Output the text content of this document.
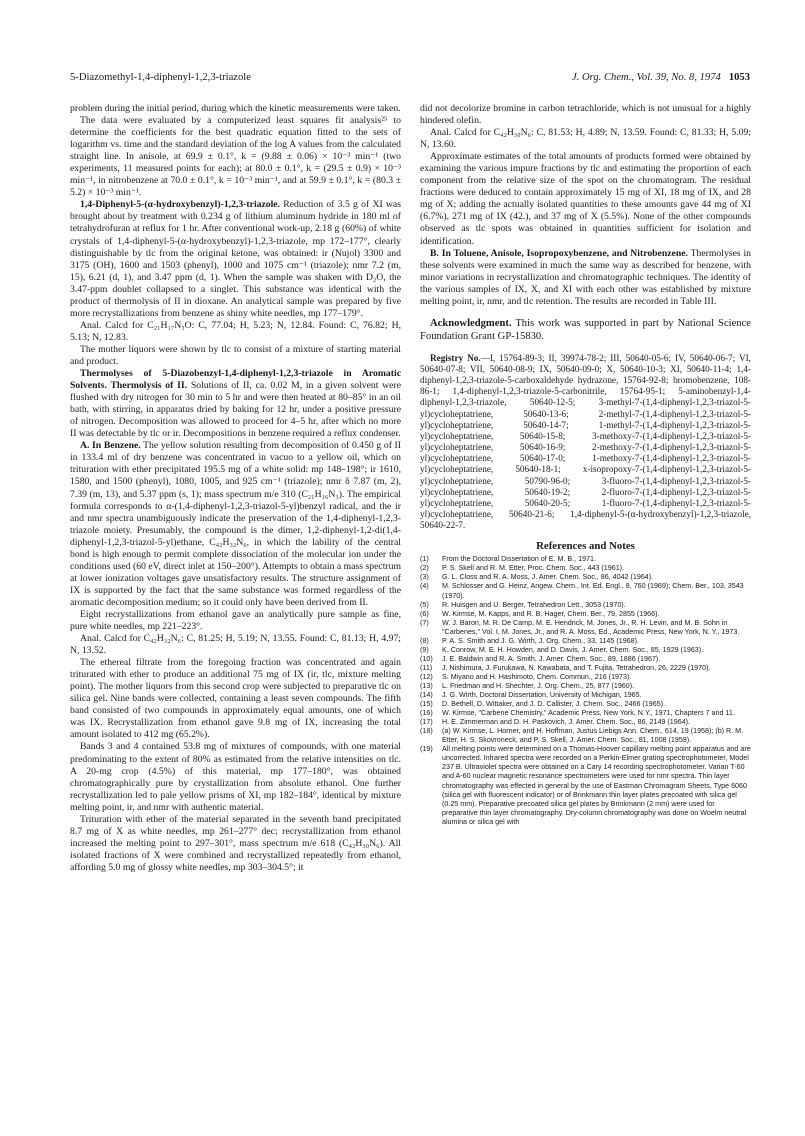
5-Diazomethyl-1,4-diphenyl-1,2,3-triazole	J. Org. Chem., Vol. 39, No. 8, 1974 1053

problem during the initial period, during which the kinetic measurements were taken.

The data were evaluated by a computerized least squares fit analysis²⁵ to determine the coefficients for the best quadratic equation fitted to the sets of logarithm vs. time and the standard deviation of the log A values from the calculated straight line. In anisole, at 69.9 ± 0.1°, k = (9.88 ± 0.06) × 10⁻³ min⁻¹ (two experiments, 11 measured points for each); at 80.0 ± 0.1°, k = (29.5 ± 0.9) × 10⁻³ min⁻¹, in nitrobenzene at 70.0 ± 0.1°, k = 10⁻³ min⁻¹, and at 59.9 ± 0.1°, k = (80.3 ± 5.2) × 10⁻³ min⁻¹.

1,4-Diphenyl-5-(α-hydroxybenzyl)-1,2,3-triazole. Reduction of 3.5 g of XI was brought about by treatment with 0.234 g of lithium aluminum hydride in 180 ml of tetrahydrofuran at reflux for 1 hr. After conventional work-up, 2.18 g (60%) of white crystals of 1,4-diphenyl-5-(α-hydroxybenzyl)-1,2,3-triazole, mp 172–177°, clearly distinguishable by tlc from the original ketone, was obtained: ir (Nujol) 3300 and 3175 (OH), 1600 and 1503 (phenyl), 1000 and 1075 cm⁻¹ (triazole); nmr 7.2 (m, 15), 6.21 (d, 1), and 3.47 ppm (d, 1). When the sample was shaken with D₂O, the 3.47-ppm doublet collapsed to a singlet. This substance was identical with the product of thermolysis of II in dioxane. An analytical sample was prepared by five more recrystallizations from benzene as shiny white needles, mp 177–179°.

Anal. Calcd for C₂₁H₁₇N₃O: C, 77.04; H, 5.23; N, 12.84. Found: C, 76.82; H, 5.13; N, 12.83.

The mother liquors were shown by tlc to consist of a mixture of starting material and product.

Thermolyses of 5-Diazobenzyl-1,4-diphenyl-1,2,3-triazole in Aromatic Solvents. Thermolysis of II. Solutions of II, ca. 0.02 M, in a given solvent were flushed with dry nitrogen for 30 min to 5 hr and were then heated at 80–85° in an oil bath, with stirring, in apparatus dried by baking for 12 hr, under a positive pressure of nitrogen. Decomposition was allowed to proceed for 4–5 hr, after which no more II was detectable by tlc or ir. Decompositions in benzene required a reflux condenser.

A. In Benzene. The yellow solution resulting from decomposition of 0.450 g of II in 133.4 ml of dry benzene was concentrated in vacuo to a yellow oil, which on trituration with ether precipitated 195.5 mg of a white solid: mp 148–198°; ir 1610, 1580, and 1500 (phenyl), 1080, 1005, and 925 cm⁻¹ (triazole); nmr δ 7.87 (m, 2), 7.39 (m, 13), and 5.37 ppm (s, 1); mass spectrum m/e 310 (C₂₁H₁₆N₃). The empirical formula corresponds to α-(1,4-diphenyl-1,2,3-triazol-5-yl)benzyl radical, and the ir and nmr spectra unambiguously indicate the preservation of the 1,4-diphenyl-1,2,3-triazole moiety. Presumably, the compound is the dimer, 1,2-diphenyl-1,2-di(1,4-diphenyl-1,2,3-triazol-5-yl)ethane, C₄₂H₃₂N₆, in which the lability of the central bond is high enough to permit complete dissociation of the molecular ion under the conditions used (60 eV, direct inlet at 150–200°). Attempts to obtain a mass spectrum at lower ionization voltages gave unsatisfactory results. The structure assignment of IX is supported by the fact that the same substance was formed regardless of the aromatic decomposition medium; so it could only have been derived from II.

Eight recrystallizations from ethanol gave an analytically pure sample as fine, pure white needles, mp 221–223°.

Anal. Calcd for C₄₂H₃₂N₆: C, 81.25; H, 5.19; N, 13.55. Found: C, 81.13; H, 4.97; N, 13.52.

The ethereal filtrate from the foregoing fraction was concentrated and again triturated with ether to produce an additional 75 mg of IX (ir, tlc, mixture melting point). The mother liquors from this second crop were subjected to preparative tlc on silica gel. Nine bands were collected, containing a least seven compounds. The fifth band consisted of two compounds in approximately equal amounts, one of which was IX. Recrystallization from ethanol gave 9.8 mg of IX, increasing the total amount isolated to 412 mg (65.2%).

Bands 3 and 4 contained 53.8 mg of mixtures of compounds, with one material predominating to the extent of 80% as estimated from the relative intensities on tlc. A 20-mg crop (4.5%) of this material, mp 177–180°, was obtained chromatographically pure by crystallization from absolute ethanol. One further recrystallization led to pale yellow prisms of XI, mp 182–184°, identical by mixture melting point, ir, and nmr with authentic material.

Trituration with ether of the material separated in the seventh band precipitated 8.7 mg of X as white needles, mp 261–277° dec; recrystallization from ethanol increased the melting point to 297–301°, mass spectrum m/e 618 (C₄₂H₃₀N₆). All isolated fractions of X were combined and recrystallized repeatedly from ethanol, affording 5.0 mg of glossy white needles, mp 303–304.5°; it

did not decolorize bromine in carbon tetrachloride, which is not unusual for a highly hindered olefin.

Anal. Calcd for C₄₂H₃₀N₆: C, 81.53; H, 4.89; N, 13.59. Found: C, 81.33; H, 5.09; N, 13.60.

Approximate estimates of the total amounts of products formed were obtained by examining the various impure fractions by tlc and estimating the proportion of each component from the relative size of the spot on the chromatogram. The residual fractions were deduced to contain approximately 15 mg of XI, 18 mg of IX, and 28 mg of X; adding the actually isolated quantities to these amounts gave 44 mg of XI (6.7%), 271 mg of IX (42.), and 37 mg of X (5.5%). None of the other compounds observed as tlc spots was obtained in quantities sufficient for isolation and identification.

B. In Toluene, Anisole, Isopropoxybenzene, and Nitrobenzene. Thermolyses in these solvents were examined in much the same way as described for benzene, with minor variations in recrystallization and chromatographic techniques. The identity of the various samples of IX, X, and XI with each other was established by mixture melting point, ir, nmr, and tlc retention. The results are recorded in Table III.

Acknowledgment. This work was supported in part by National Science Foundation Grant GP-15830.

Registry No.—I, 15764-89-3; II, 39974-78-2; III, 50640-05-6; IV, 50640-06-7; VI, 50640-07-8; VII, 50640-08-9; IX, 50640-09-0; X, 50640-10-3; XI, 50640-11-4; 1,4-diphenyl-1,2,3-triazole-5-carboxaldehyde hydrazone, 15764-92-8; bromobenzene, 108-86-1; 1,4-diphenyl-1,2,3-triazole-5-carbonitrile, 15764-95-1; 5-aminobenzyl-1,4-diphenyl-1,2,3-triazole, 50640-12-5; 3-methyl-7-(1,4-diphenyl-1,2,3-triazol-5-yl)cycloheptatriene, 50640-13-6; 2-methyl-7-(1,4-diphenyl-1,2,3-triazol-5-yl)cycloheptatriene, 50640-14-7; 1-methyl-7-(1,4-diphenyl-1,2,3-triazol-5-yl)cycloheptatriene, 50640-15-8; 3-methoxy-7-(1,4-diphenyl-1,2,3-triazol-5-yl)cycloheptatriene, 50640-16-9; 2-methoxy-7-(1,4-diphenyl-1,2,3-triazol-5-yl)cycloheptatriene, 50640-17-0; 1-methoxy-7-(1,4-diphenyl-1,2,3-triazol-5-yl)cycloheptatriene, 50640-18-1; x-isopropoxy-7-(1,4-diphenyl-1,2,3-triazol-5-yl)cycloheptatriene, 50790-96-0; 3-fluoro-7-(1,4-diphenyl-1,2,3-triazol-5-yl)cycloheptatriene, 50640-19-2; 2-fluoro-7-(1,4-diphenyl-1,2,3-triazol-5-yl)cycloheptatriene, 50640-20-5; 1-fluoro-7-(1,4-diphenyl-1,2,3-triazol-5-yl)cycloheptatriene, 50640-21-6; 1,4-diphenyl-5-(α-hydroxybenzyl)-1,2,3-triazole, 50640-22-7.

References and Notes
(1) From the Doctoral Dissertation of E. M. B., 1971.
(2) P. S. Skell and R. M. Etter, Proc. Chem. Soc., 443 (1961).
(3) G. L. Closs and R. A. Moss, J. Amer. Chem. Soc., 86, 4042 (1964).
(4) M. Schlosser and G. Heinz, Angew. Chem., Int. Ed. Engl., 8, 760 (1969); Chem. Ber., 103, 3543 (1970).
(5) R. Huisgen and U. Berger, Tetrahedron Lett., 3053 (1970).
(6) W. Kirmse, M. Kapps, and R. B. Hager, Chem. Ber., 79, 2855 (1966).
(7) W. J. Baron, M. R. De Camp, M. E. Hendrick, M. Jones, Jr., R. H. Levin, and M. B. Sohn in "Carbenes," Vol. I, M. Jones, Jr., and R. A. Moss, Ed., Academic Press, New York, N. Y., 1973.
(8) P. A. S. Smith and J. G. Wirth, J. Org. Chem., 33, 1145 (1968).
(9) K. Conrow, M. E. H. Howden, and D. Davis, J. Amer. Chem. Soc., 85, 1929 (1963).
(10) J. E. Baldwin and R. A. Smith, J. Amer. Chem. Soc., 89, 1886 (1967).
(11) J. Nishimura, J. Furukawa, N. Kawabata, and T. Fujita, Tetrahedron, 26, 2229 (1970).
(12) S. Miyano and H. Hashimoto, Chem. Commun., 216 (1973).
(13) L. Friedman and H. Shechter, J. Org. Chem., 25, 877 (1960).
(14) J. G. Wirth, Doctoral Dissertation, University of Michigan, 1965.
(15) D. Bethell, D. Wittaker, and J. D. Callister, J. Chem. Soc., 2466 (1965).
(16) W. Kirmse, "Carbene Chemistry," Academic Press, New York, N.Y., 1971, Chapters 7 and 11.
(17) H. E. Zimmerman and D. H. Paskovich, J. Amer. Chem. Soc., 86, 2149 (1964).
(18) (a) W. Kirmse, L. Horner, and H. Hoffman, Justus Liebigs Ann. Chem., 614, 19 (1958); (b) R. M. Etter, H. S. Skovroneck, and P. S. Skell, J. Amer. Chem. Soc., 81, 1008 (1959).
(19) All melting points were determined on a Thomas-Hoover capillary melting point apparatus and are uncorrected. Infrared spectra were recorded on a Perkin-Elmer grating spectrophotometer, Model 237 B. Ultraviolet spectra were obtained on a Cary 14 recording spectrophotometer. Varian T-60 and A-60 nuclear magnetic resonance spectrometers were used for nmr spectra. Thin layer chromatography was effected in general by the use of Eastman Chromagram Sheets, Type 6060 (silica gel with fluorescent indicator) or of Brinkmann thin layer plates precoated with silica gel (0.25 mm). Preparative precoated silica gel plates by Brinkmann (2 mm) were used for preparative thin layer chromatography. Dry-column chromatography was done on Woelm neutral alumina or silica gel with
